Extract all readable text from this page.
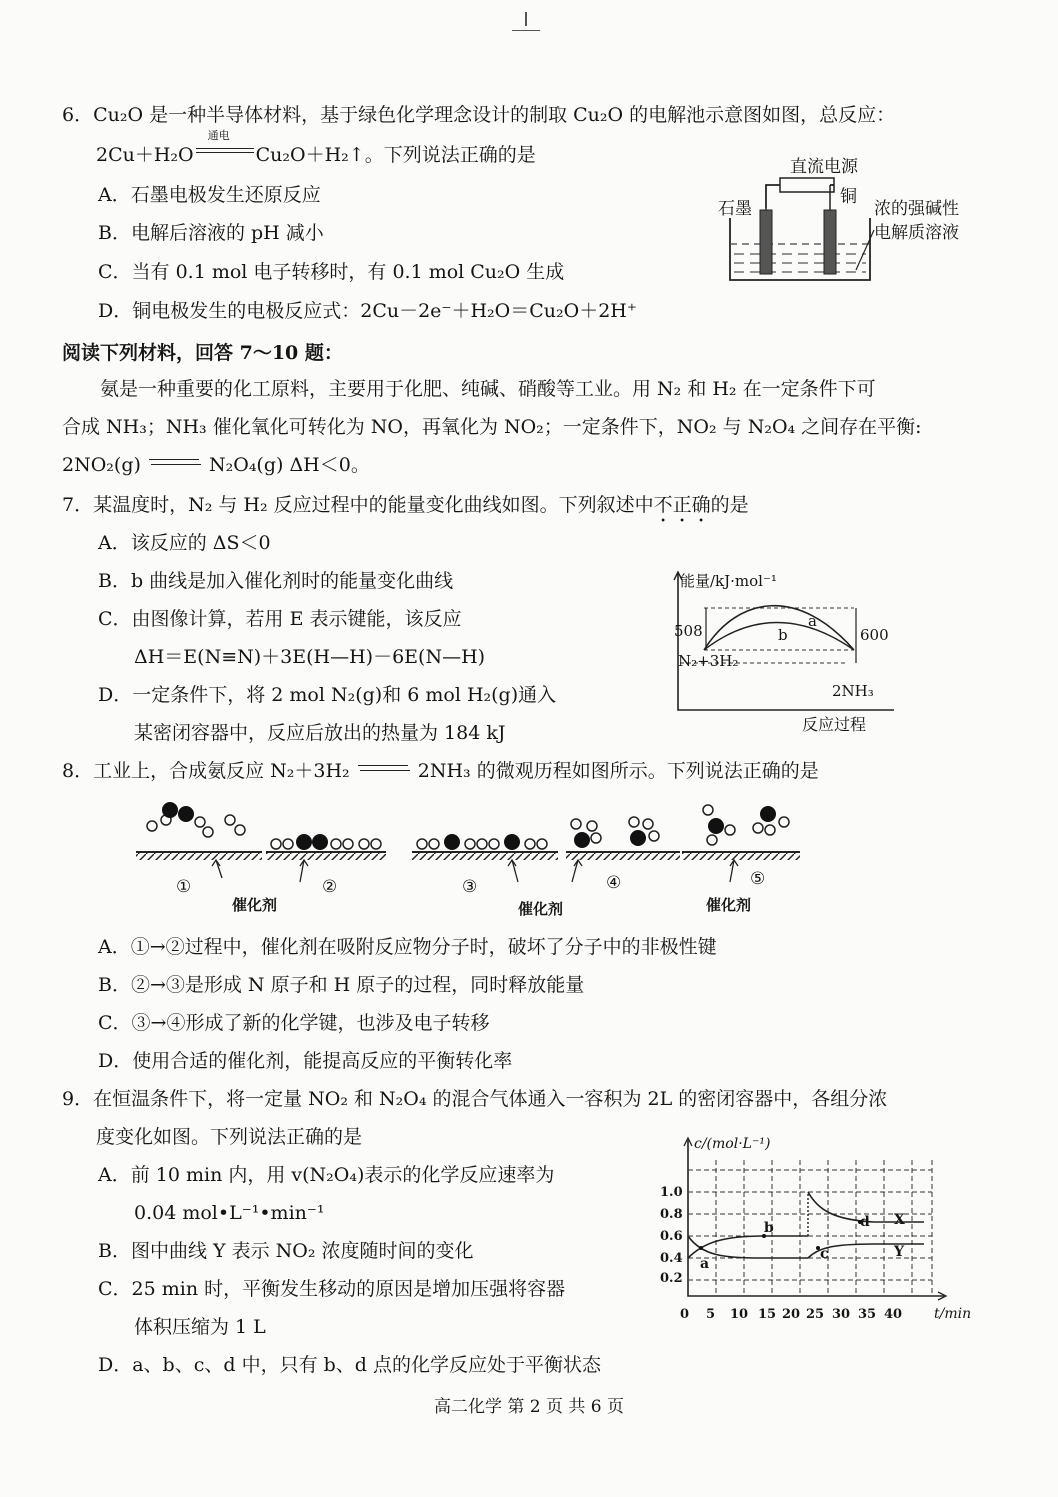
6．Cu₂O 是一种半导体材料，基于绿色化学理念设计的制取 Cu₂O 的电解池示意图如图，总反应：
2Cu＋H₂O
通电
Cu₂O＋H₂↑。下列说法正确的是
A．石墨电极发生还原反应
B．电解后溶液的 pH 减小
C．当有 0.1 mol 电子转移时，有 0.1 mol Cu₂O 生成
D．铜电极发生的电极反应式：2Cu－2e⁻＋H₂O＝Cu₂O＋2H⁺
直流电源
石墨
铜
浓的强碱性
电解质溶液
阅读下列材料，回答 7～10 题：
氨是一种重要的化工原料，主要用于化肥、纯碱、硝酸等工业。用 N₂ 和 H₂ 在一定条件下可
合成 NH₃；NH₃ 催化氧化可转化为 NO，再氧化为 NO₂；一定条件下，NO₂ 与 N₂O₄ 之间存在平衡:
2NO₂(g)	N₂O₄(g) ΔH＜0。
7．某温度时，N₂ 与 H₂ 反应过程中的能量变化曲线如图。下列叙述中不正确的是
A．该反应的 ΔS＜0
B．b 曲线是加入催化剂时的能量变化曲线
C．由图像计算，若用 E 表示键能，该反应
ΔH＝E(N≡N)＋3E(H—H)－6E(N—H)
D．一定条件下，将 2 mol N₂(g)和 6 mol H₂(g)通入
某密闭容器中，反应后放出的热量为 184 kJ
能量/kJ·mol⁻¹
508	600
N₂+3H₂
2NH₃
a
b
反应过程
8．工业上，合成氨反应 N₂＋3H₂	2NH₃ 的微观历程如图所示。下列说法正确的是
①	②	③	④	⑤
催化剂	催化剂	催化剂
A．①→②过程中，催化剂在吸附反应物分子时，破坏了分子中的非极性键
B．②→③是形成 N 原子和 H 原子的过程，同时释放能量
C．③→④形成了新的化学键，也涉及电子转移
D．使用合适的催化剂，能提高反应的平衡转化率
9．在恒温条件下，将一定量 NO₂ 和 N₂O₄ 的混合气体通入一容积为 2L 的密闭容器中，各组分浓
度变化如图。下列说法正确的是
A．前 10 min 内，用 v(N₂O₄)表示的化学反应速率为
0.04 mol•L⁻¹•min⁻¹
B．图中曲线 Y 表示 NO₂ 浓度随时间的变化
C．25 min 时，平衡发生移动的原因是增加压强将容器
体积压缩为 1 L
D．a、b、c、d 中，只有 b、d 点的化学反应处于平衡状态
c/(mol·L⁻¹)
t/min
1.0
0.8
0.6
0.4
0.2
0 5 10 15 20 25 30 35 40
a
b
c
d X
Y
高二化学 第 2 页 共 6 页
